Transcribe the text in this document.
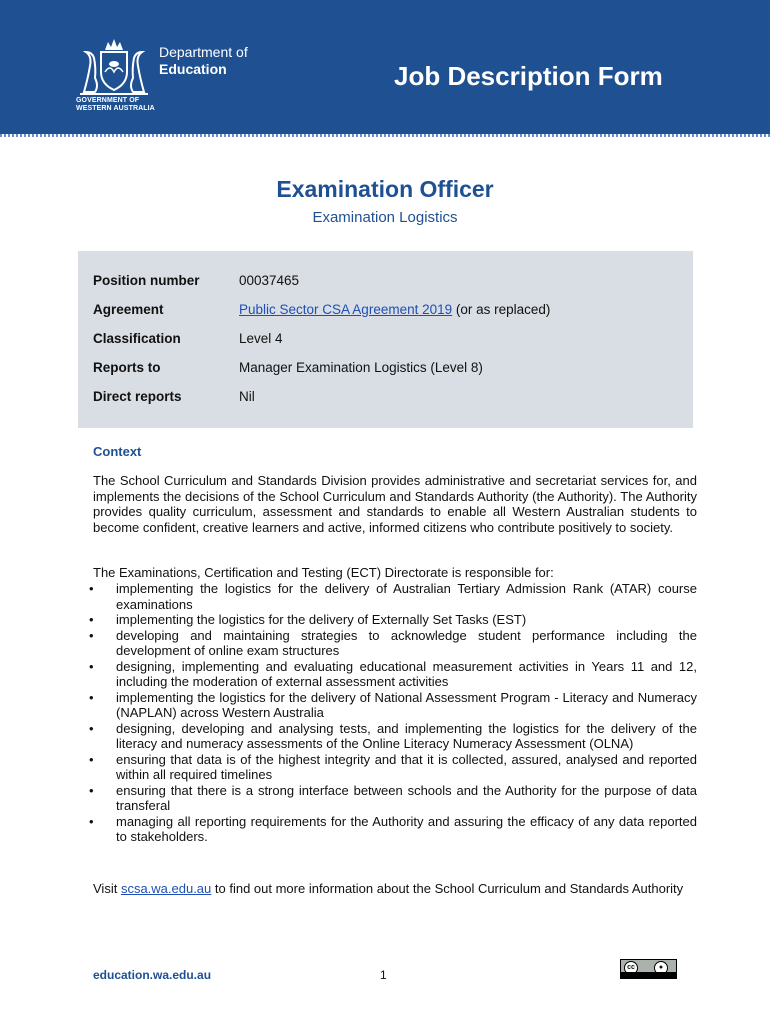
GOVERNMENT OF
WESTERN AUSTRALIA
Department of
Education	Job Description Form
Examination Officer
Examination Logistics
Position number	00037465
Agreement	Public Sector CSA Agreement 2019 (or as replaced)
Classification	Level 4
Reports to	Manager Examination Logistics (Level 8)
Direct reports	Nil
Context
The School Curriculum and Standards Division provides administrative and secretariat services for, and implements the decisions of the School Curriculum and Standards Authority (the Authority). The Authority provides quality curriculum, assessment and standards to enable all Western Australian students to become confident, creative learners and active, informed citizens who contribute positively to society.
The Examinations, Certification and Testing (ECT) Directorate is responsible for:
• implementing the logistics for the delivery of Australian Tertiary Admission Rank (ATAR) course examinations
• implementing the logistics for the delivery of Externally Set Tasks (EST)
• developing and maintaining strategies to acknowledge student performance including the development of online exam structures
• designing, implementing and evaluating educational measurement activities in Years 11 and 12, including the moderation of external assessment activities
• implementing the logistics for the delivery of National Assessment Program - Literacy and Numeracy (NAPLAN) across Western Australia
• designing, developing and analysing tests, and implementing the logistics for the delivery of the literacy and numeracy assessments of the Online Literacy Numeracy Assessment (OLNA)
• ensuring that data is of the highest integrity and that it is collected, assured, analysed and reported within all required timelines
• ensuring that there is a strong interface between schools and the Authority for the purpose of data transferal
• managing all reporting requirements for the Authority and assuring the efficacy of any data reported to stakeholders.
Visit scsa.wa.edu.au to find out more information about the School Curriculum and Standards Authority
education.wa.edu.au	1
cc	●
